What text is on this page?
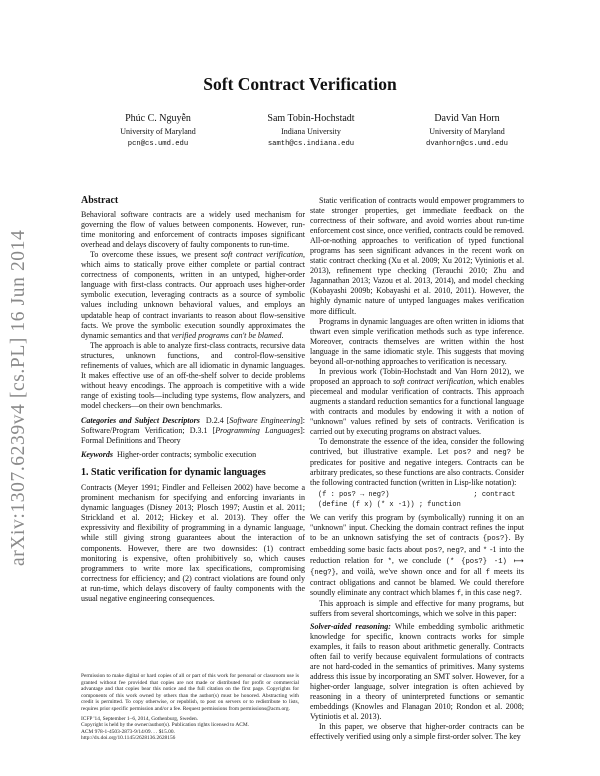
Soft Contract Verification
Phúc C. Nguyễn
University of Maryland
pcn@cs.umd.edu
Sam Tobin-Hochstadt
Indiana University
samth@cs.indiana.edu
David Van Horn
University of Maryland
dvanhorn@cs.umd.edu
arXiv:1307.6239v4 [cs.PL] 16 Jun 2014
Abstract

Behavioral software contracts are a widely used mechanism for governing the flow of values between components. However, run-time monitoring and enforcement of contracts imposes significant overhead and delays discovery of faulty components to run-time.

To overcome these issues, we present soft contract verification, which aims to statically prove either complete or partial contract correctness of components, written in an untyped, higher-order language with first-class contracts. Our approach uses higher-order symbolic execution, leveraging contracts as a source of symbolic values including unknown behavioral values, and employs an updatable heap of contract invariants to reason about flow-sensitive facts. We prove the symbolic execution soundly approximates the dynamic semantics and that verified programs can't be blamed.

The approach is able to analyze first-class contracts, recursive data structures, unknown functions, and control-flow-sensitive refinements of values, which are all idiomatic in dynamic languages. It makes effective use of an off-the-shelf solver to decide problems without heavy encodings. The approach is competitive with a wide range of existing tools—including type systems, flow analyzers, and model checkers—on their own benchmarks.

Categories and Subject Descriptors D.2.4 [Software Engineering]: Software/Program Verification; D.3.1 [Programming Languages]: Formal Definitions and Theory

Keywords Higher-order contracts; symbolic execution

1. Static verification for dynamic languages

Contracts (Meyer 1991; Findler and Felleisen 2002) have become a prominent mechanism for specifying and enforcing invariants in dynamic languages (Disney 2013; Plosch 1997; Austin et al. 2011; Strickland et al. 2012; Hickey et al. 2013). They offer the expressivity and flexibility of programming in a dynamic language, while still giving strong guarantees about the interaction of components. However, there are two downsides: (1) contract monitoring is expensive, often prohibitively so, which causes programmers to write more lax specifications, compromising correctness for efficiency; and (2) contract violations are found only at run-time, which delays discovery of faulty components with the usual negative engineering consequences.

Permission to make digital or hard copies of all or part of this work for personal or classroom use is granted without fee provided that copies are not made or distributed for profit or commercial advantage and that copies bear this notice and the full citation on the first page. Copyrights for components of this work owned by others than the author(s) must be honored. Abstracting with credit is permitted. To copy otherwise, or republish, to post on servers or to redistribute to lists, requires prior specific permission and/or a fee. Request permissions from permissions@acm.org.

ICFP '14, September 1–6, 2014, Gothenburg, Sweden.

Copyright is held by the owner/author(s). Publication rights licensed to ACM.

ACM 978-1-4503-2873-9/14/09. . . $15.00.

http://dx.doi.org/10.1145/2628136.2628156

Static verification of contracts would empower programmers to state stronger properties, get immediate feedback on the correctness of their software, and avoid worries about run-time enforcement cost since, once verified, contracts could be removed. All-or-nothing approaches to verification of typed functional programs has seen significant advances in the recent work on static contract checking (Xu et al. 2009; Xu 2012; Vytiniotis et al. 2013), refinement type checking (Terauchi 2010; Zhu and Jagannathan 2013; Vazou et al. 2013, 2014), and model checking (Kobayashi 2009b; Kobayashi et al. 2010, 2011). However, the highly dynamic nature of untyped languages makes verification more difficult.

Programs in dynamic languages are often written in idioms that thwart even simple verification methods such as type inference. Moreover, contracts themselves are written within the host language in the same idiomatic style. This suggests that moving beyond all-or-nothing approaches to verification is necessary.

In previous work (Tobin-Hochstadt and Van Horn 2012), we proposed an approach to soft contract verification, which enables piecemeal and modular verification of contracts. This approach augments a standard reduction semantics for a functional language with contracts and modules by endowing it with a notion of "unknown" values refined by sets of contracts. Verification is carried out by executing programs on abstract values.

To demonstrate the essence of the idea, consider the following contrived, but illustrative example. Let pos? and neg? be predicates for positive and negative integers. Contracts can be arbitrary predicates, so these functions are also contracts. Consider the following contracted function (written in Lisp-like notation):

(f : pos? → neg?)                    ; contract
(define (f x) (* x -1)) ; function

We can verify this program by (symbolically) running it on an "unknown" input. Checking the domain contract refines the input to be an unknown satisfying the set of contracts {pos?}. By embedding some basic facts about pos?, neg?, and * -1 into the reduction relation for *, we conclude (* {pos?} -1) ⟼ {neg?}, and voilà, we've shown once and for all f meets its contract obligations and cannot be blamed. We could therefore soundly eliminate any contract which blames f, in this case neg?.

This approach is simple and effective for many programs, but suffers from several shortcomings, which we solve in this paper:

Solver-aided reasoning: While embedding symbolic arithmetic knowledge for specific, known contracts works for simple examples, it fails to reason about arithmetic generally. Contracts often fail to verify because equivalent formulations of contracts are not hard-coded in the semantics of primitives. Many systems address this issue by incorporating an SMT solver. However, for a higher-order language, solver integration is often achieved by reasoning in a theory of uninterpreted functions or semantic embeddings (Knowles and Flanagan 2010; Rondon et al. 2008; Vytiniotis et al. 2013).

In this paper, we observe that higher-order contracts can be effectively verified using only a simple first-order solver. The key
